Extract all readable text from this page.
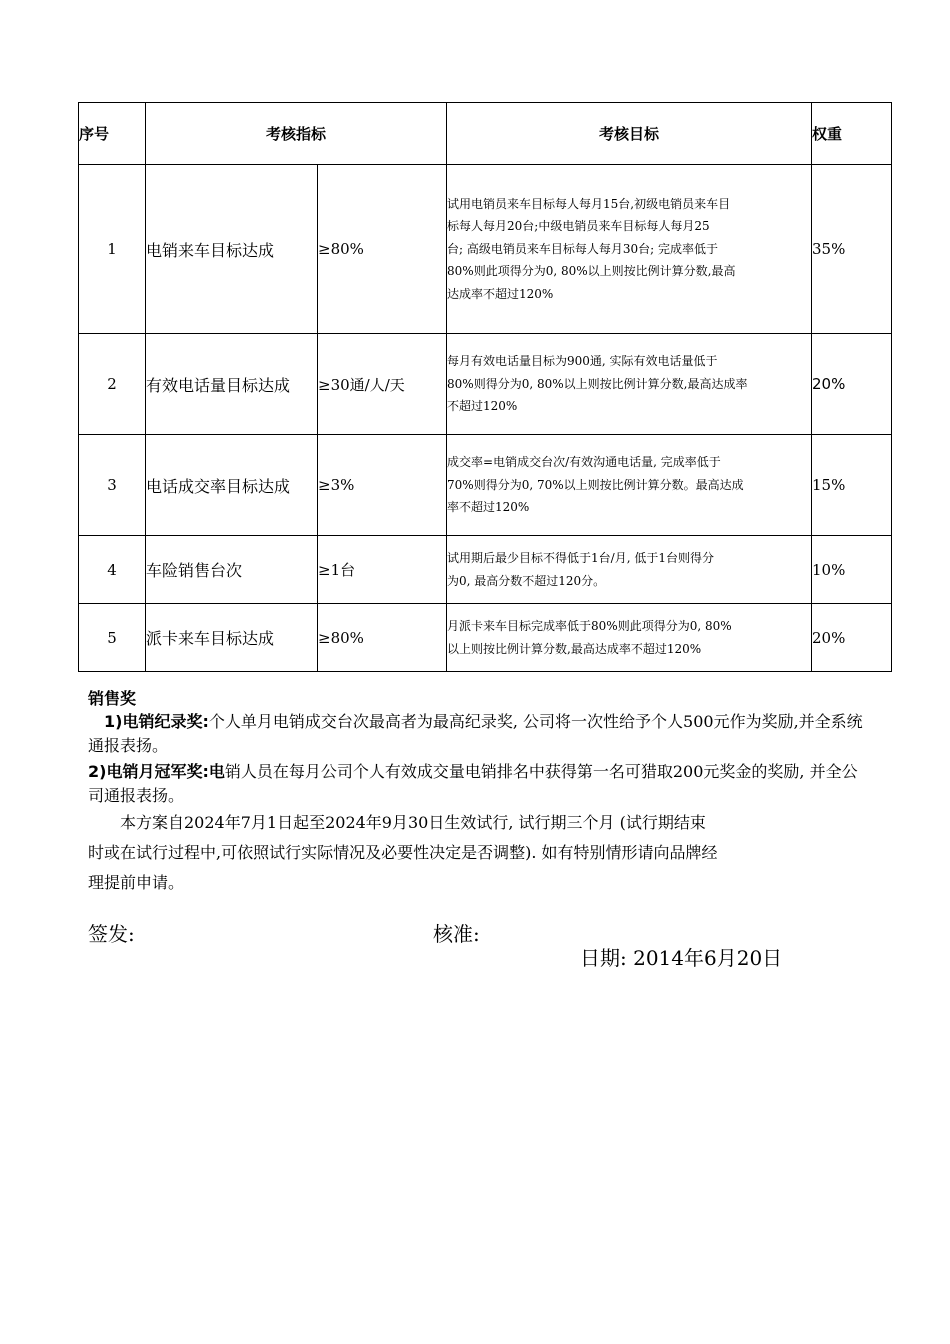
序号	考核指标		考核目标	权重
1	电销来车目标达成	≥80%	试用电销员来车目标每人每月15台,初级电销员来车目
标每人每月20台;中级电销员来车目标每人每月25
台; 高级电销员来车目标每人每月30台; 完成率低于
80%则此项得分为0, 80%以上则按比例计算分数,最高
达成率不超过120%	35%
2	有效电话量目标达成	≥30通/人/天	每月有效电话量目标为900通, 实际有效电话量低于
80%则得分为0, 80%以上则按比例计算分数,最高达成率
不超过120%	20%
3	电话成交率目标达成	≥3%	成交率=电销成交台次/有效沟通电话量, 完成率低于
70%则得分为0, 70%以上则按比例计算分数。最高达成
率不超过120%	15%
4	车险销售台次	≥1台	试用期后最少目标不得低于1台/月, 低于1台则得分
为0, 最高分数不超过120分。	10%
5	派卡来车目标达成	≥80%	月派卡来车目标完成率低于80%则此项得分为0, 80%
以上则按比例计算分数,最高达成率不超过120%	20%
销售奖
1)电销纪录奖:个人单月电销成交台次最高者为最高纪录奖, 公司将一次性给予个人500元作为奖励,并全系统通报表扬。
2)电销月冠军奖:电销人员在每月公司个人有效成交量电销排名中获得第一名可猎取200元奖金的奖励, 并全公司通报表扬。
本方案自2024年7月1日起至2024年9月30日生效试行, 试行期三个月 (试行期结束
时或在试行过程中,可依照试行实际情况及必要性决定是否调整). 如有特别情形请向品牌经
理提前申请。
签发:	核准:
日期: 2014年6月20日
